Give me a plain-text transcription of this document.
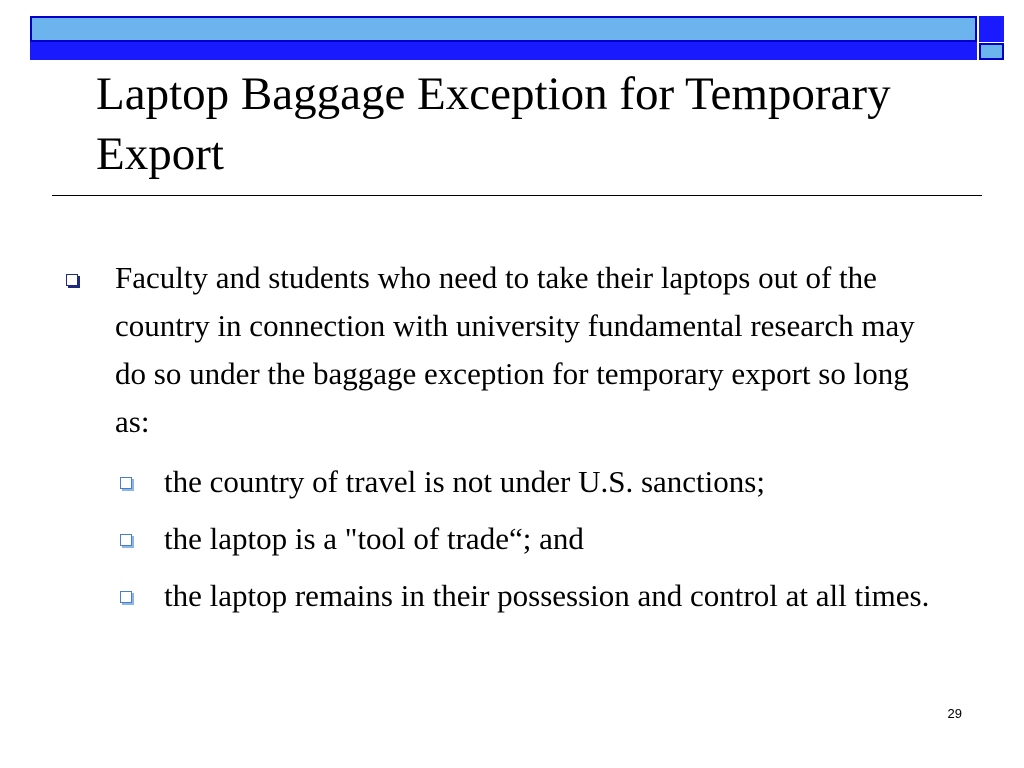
Laptop Baggage Exception for Temporary Export
Faculty and students who need to take their laptops out of the country in connection with university fundamental research may do so under the baggage exception for temporary export so long as:
the country of travel is not under U.S. sanctions;
the laptop is a "tool of trade“; and
the laptop remains in their possession and control at all times.
29
